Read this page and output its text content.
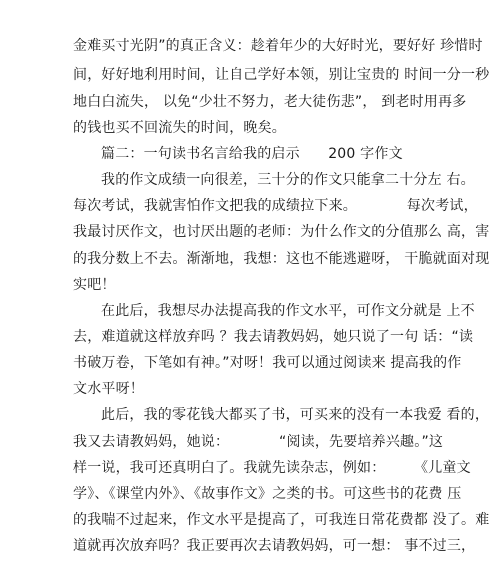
金难买寸光阴”的真正含义：趁着年少的大好时光，要好好 珍惜时
间，好好地利用时间，让自己学好本领，别让宝贵的 时间一分一秒
地白白流失， 以免“少壮不努力，老大徒伤悲”， 到老时用再多
的钱也买不回流失的时间，晚矣。
篇二：一句读书名言给我的启示　　200 字作文
我的作文成绩一向很差，三十分的作文只能拿二十分左 右。
每次考试，我就害怕作文把我的成绩拉下来。　　　　每次考试，
我最讨厌作文，也讨厌出题的老师：为什么作文的分值那么 高，害
的我分数上不去。渐渐地，我想：这也不能逃避呀， 干脆就面对现
实吧！
在此后，我想尽办法提高我的作文水平，可作文分就是 上不
去，难道就这样放弃吗 ？我去请教妈妈，她只说了一句 话：“读
书破万卷，下笔如有神。”对呀！我可以通过阅读来 提高我的作
文水平呀！
此后，我的零花钱大都买了书，可买来的没有一本我爱 看的，
我又去请教妈妈，她说：　　　　“阅读，先要培养兴趣。”这
样一说，我可还真明白了。我就先读杂志，例如：　　　《儿童文
学》、《课堂内外》、《故事作文》之类的书。可这些书的花费 压
的我喘不过起来，作文水平是提高了，可我连日常花费都 没了。难
道就再次放弃吗？我正要再次去请教妈妈，可一想： 事不过三，
